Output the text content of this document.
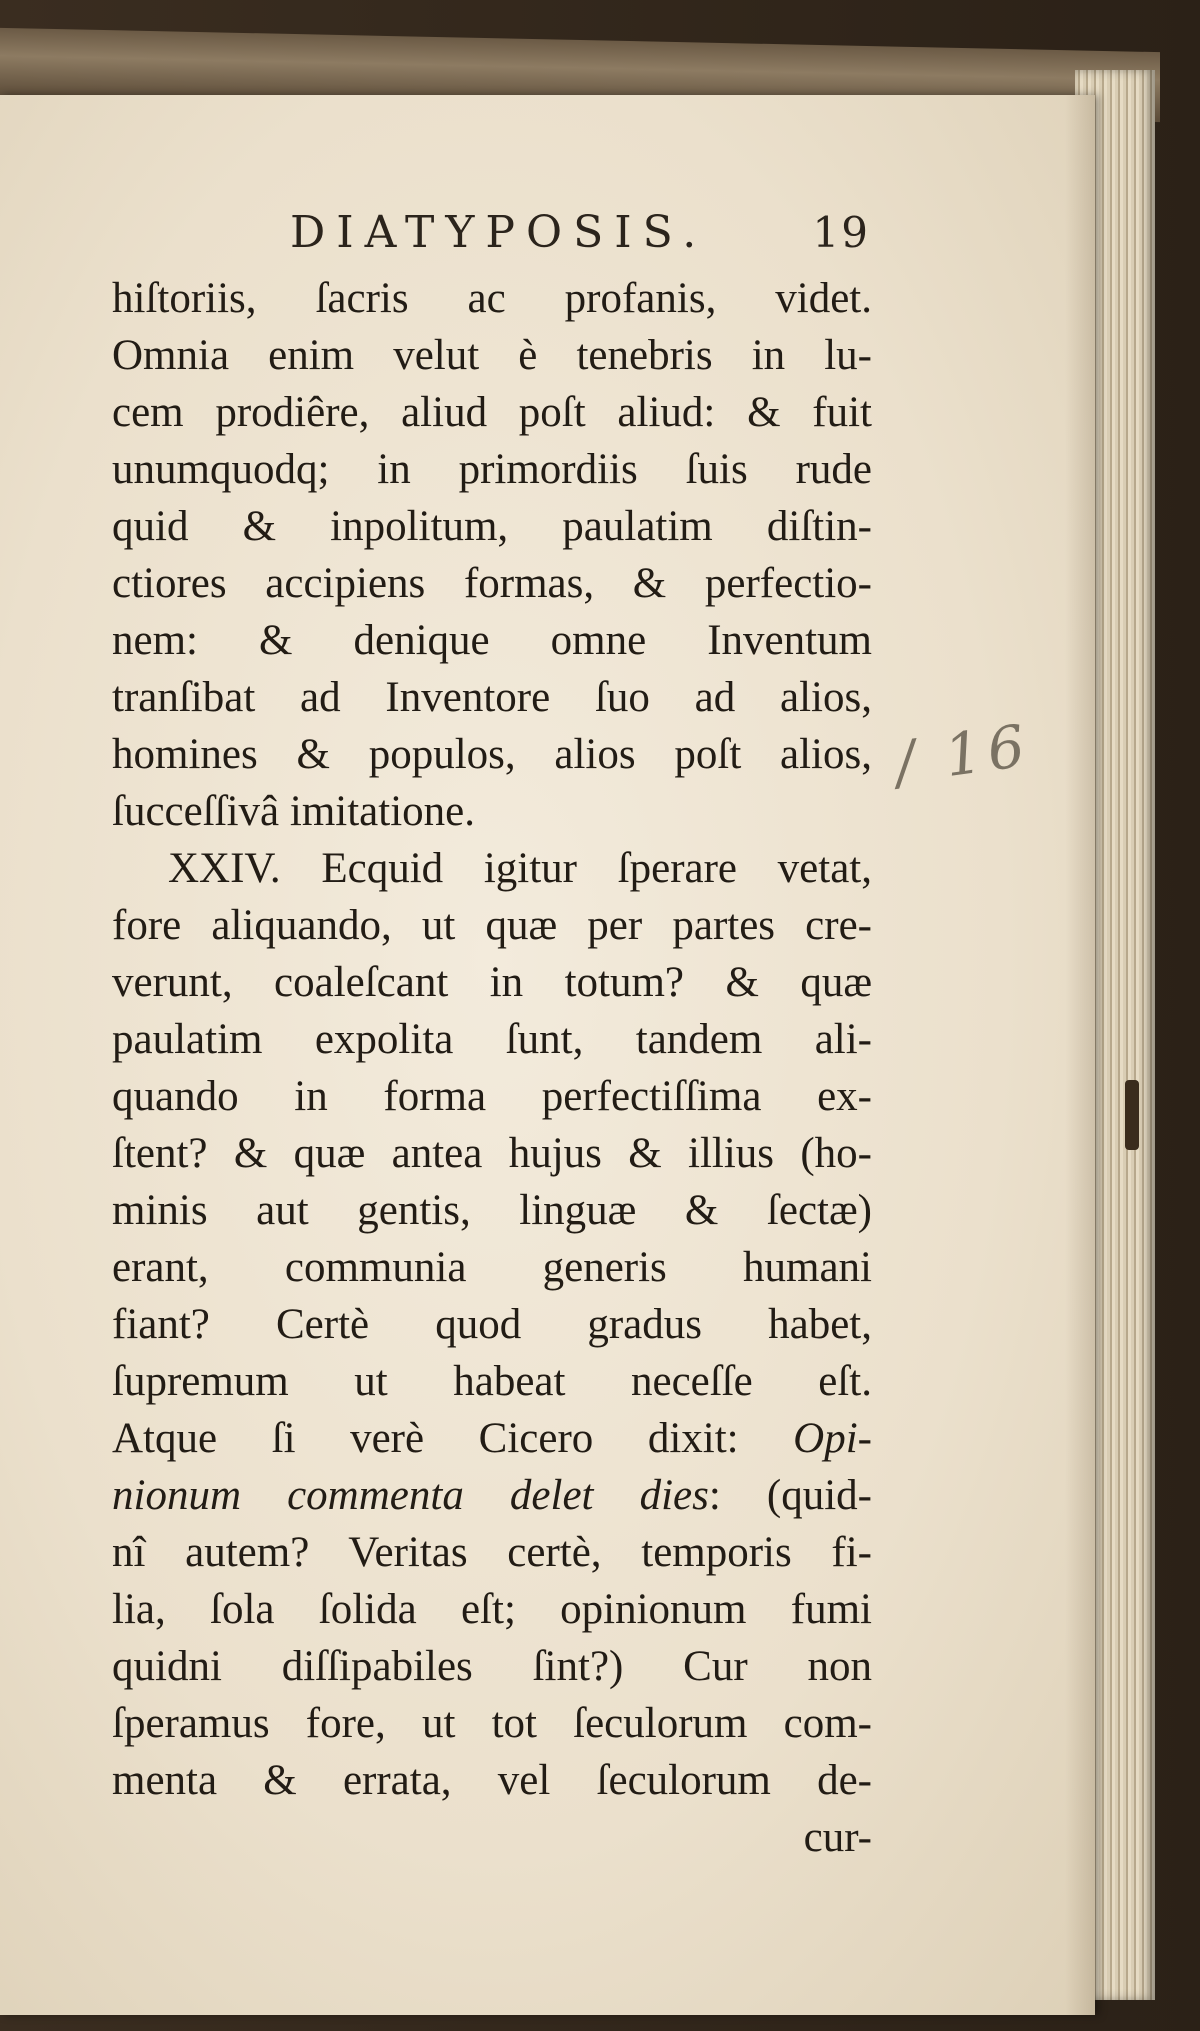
DIATYPOSIS.	19
hiſtoriis, ſacris ac profanis, videt.
Omnia enim velut è tenebris in lu-
cem prodiêre, aliud poſt aliud: & fuit
unumquodq; in primordiis ſuis rude
quid & inpolitum, paulatim diſtin-
ctiores accipiens formas, & perfectio-
nem: & denique omne Inventum
tranſibat ad Inventore ſuo ad alios,
homines & populos, alios poſt alios,
ſucceſſivâ imitatione.
XXIV. Ecquid igitur ſperare vetat,
fore aliquando, ut quæ per partes cre-
verunt, coaleſcant in totum? & quæ
paulatim expolita ſunt, tandem ali-
quando in forma perfectiſſima ex-
ſtent? & quæ antea hujus & illius (ho-
minis aut gentis, linguæ & ſectæ)
erant, communia generis humani
fiant? Certè quod gradus habet,
ſupremum ut habeat neceſſe eſt.
Atque ſi verè Cicero dixit: Opi-
nionum commenta delet dies: (quid-
nî autem? Veritas certè, temporis fi-
lia, ſola ſolida eſt; opinionum fumi
quidni diſſipabiles ſint?) Cur non
ſperamus fore, ut tot ſeculorum com-
menta & errata, vel ſeculorum de-
cur-
/ 16
